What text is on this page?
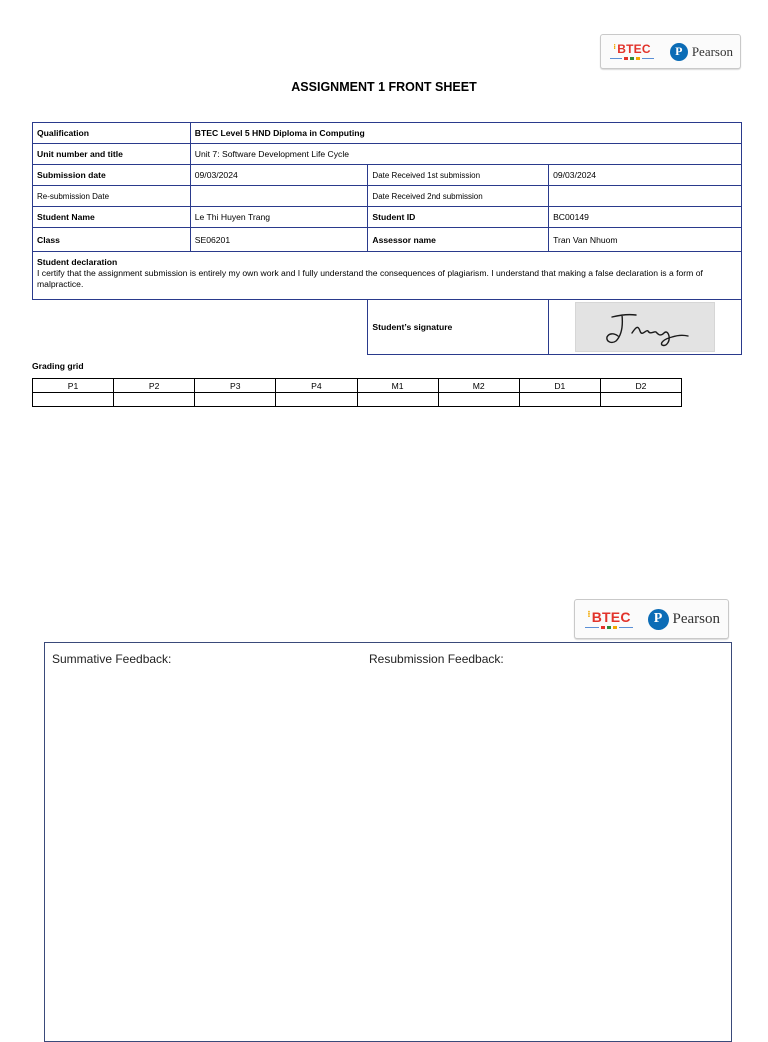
⁝BTEC	P Pearson
ASSIGNMENT 1 FRONT SHEET
Qualification	BTEC Level 5 HND Diploma in Computing		
Unit number and title	Unit 7: Software Development Life Cycle		
Submission date	09/03/2024	Date Received 1st submission	09/03/2024
Re-submission Date		Date Received 2nd submission	
Student Name	Le Thi Huyen Trang	Student ID	BC00149
Class	SE06201	Assessor name	Tran Van Nhuom

Student declaration
I certify that the assignment submission is entirely my own work and I fully understand the consequences of plagiarism. I understand that making a false declaration is a form of malpractice.			

		Student’s signature	
Grading grid
P1	P2	P3	P4	M1	M2	D1	D2

⁝BTEC	P Pearson
Summative Feedback:	Resubmission Feedback:
